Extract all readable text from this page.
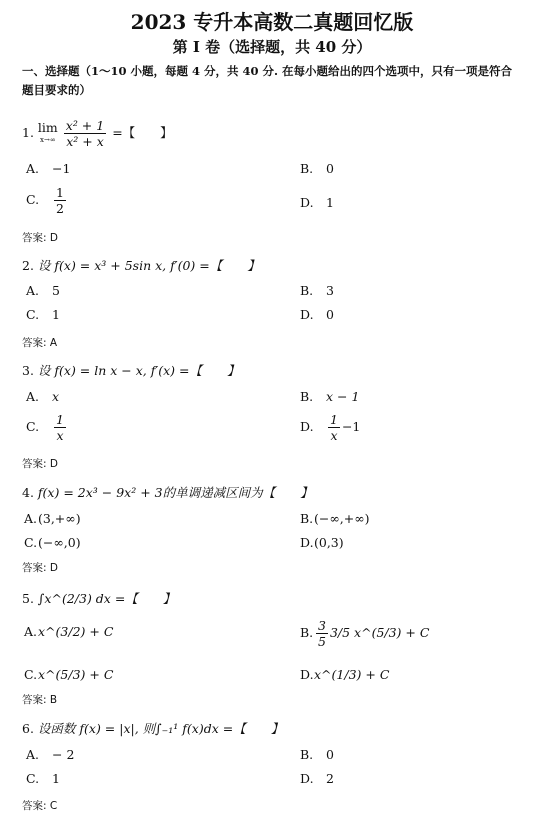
2023 专升本高数二真题回忆版
第 I 卷（选择题，共 40 分）
一、选择题（1～10 小题，每题 4 分，共 40 分. 在每小题给出的四个选项中，只有一项是符合题目要求的）
1. lim
x→∞
$\frac{\text{x² + 1}}{\text{x² + x}}$ =【　　】
A. −1	B. 0
C. $\frac{1}{2}$	D. 1
答案: D
2. 设 f(x) = x³ + 5sin x, f′(0) =【　　】
A. 5	B. 3
C. 1	D. 0
答案: A
3. 设 f(x) = ln x − x, f′(x) =【　　】
A. x	B. x − 1
C. $\frac{1}{x}$	D. $\frac{1}{x} -1$
答案: D
4. f(x) = 2x³ − 9x² + 3的单调递减区间为【　　】
A.(3,+∞)	B.(−∞,+∞)
C.(−∞,0)	D.(0,3)
答案: D
5. ∫x^(2/3) dx =【　　】
A.x^(3/2) + C	B. $\frac{3}{5} 3/5$ x^(5/3) + C
C.x^(5/3) + C	D.x^(1/3) + C
答案: B
6. 设函数 f(x) = |x|, 则∫₋₁¹ f(x)dx =【　　】
A. − 2	B. 0
C. 1	D. 2
答案: C
